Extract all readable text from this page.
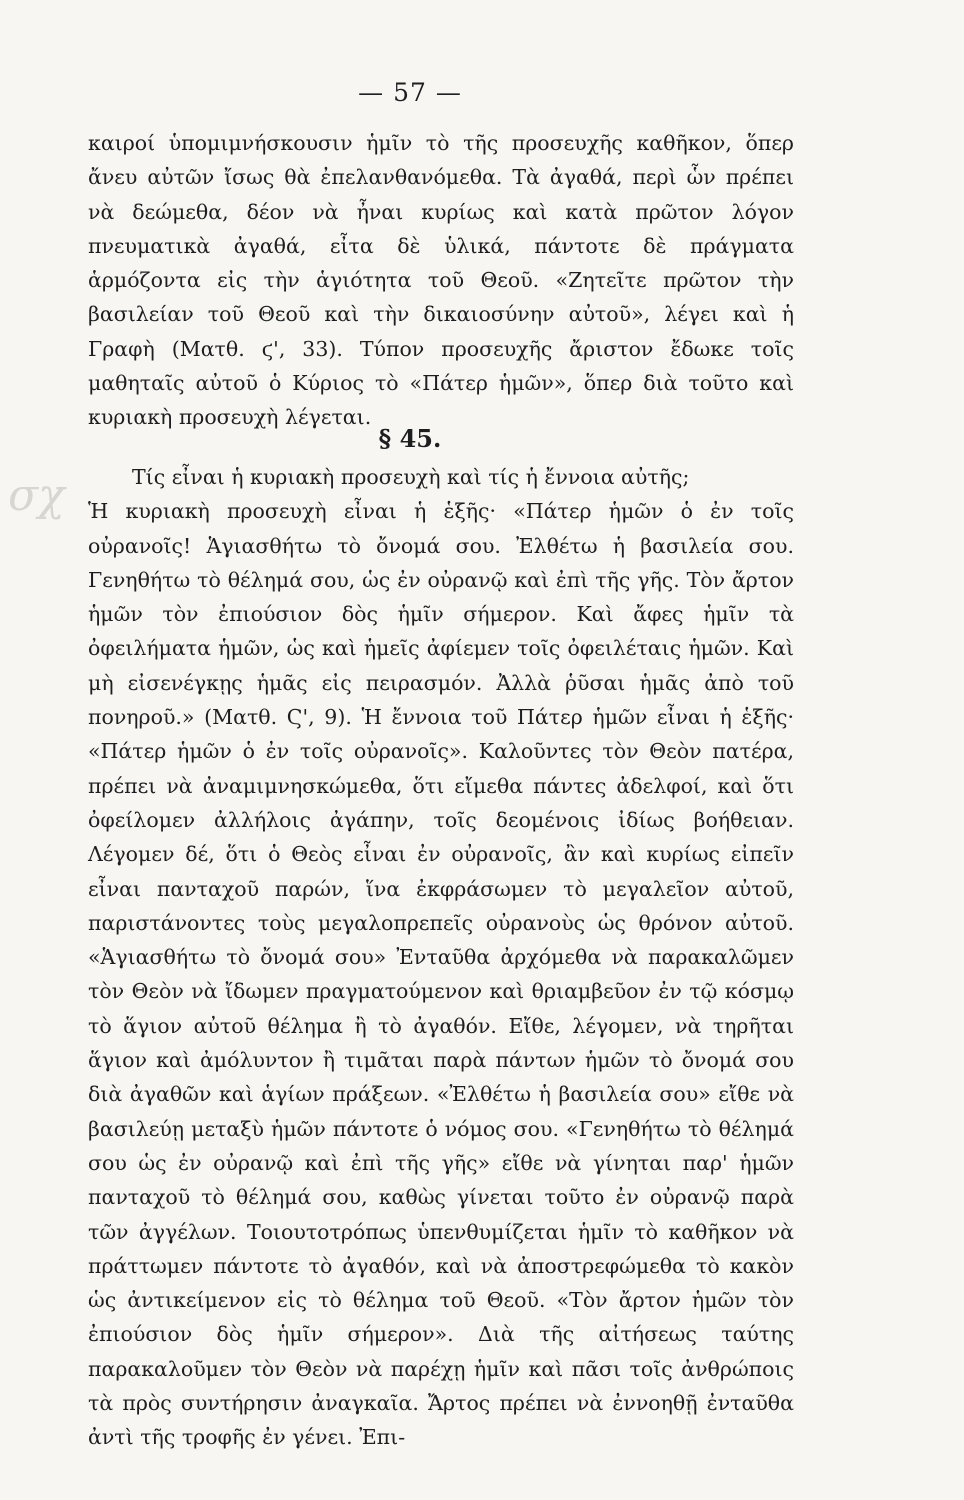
σχ
— 57 —

καιροί ὑπομιμνήσκουσιν ἡμῖν τὸ τῆς προσευχῆς καθῆκον, ὅπερ ἄνευ αὐτῶν ἴσως θὰ ἐπελανθανόμεθα. Τὰ ἀγαθά, περὶ ὧν πρέπει νὰ δεώμεθα, δέον νὰ ἦναι κυρίως καὶ κατὰ πρῶτον λόγον πνευματικὰ ἀγαθά, εἶτα δὲ ὑλικά, πάντοτε δὲ πράγματα ἁρμόζοντα εἰς τὴν ἁγιότητα τοῦ Θεοῦ. «Ζητεῖτε πρῶτον τὴν βασιλείαν τοῦ Θεοῦ καὶ τὴν δικαιοσύνην αὐτοῦ», λέγει καὶ ἡ Γραφὴ (Ματθ. ϛ', 33). Τύπον προσευχῆς ἄριστον ἔδωκε τοῖς μαθηταῖς αὐτοῦ ὁ Κύριος τὸ «Πάτερ ἡμῶν», ὅπερ διὰ τοῦτο καὶ κυριακὴ προσευχὴ λέγεται.

§ 45.

Τίς εἶναι ἡ κυριακὴ προσευχὴ καὶ τίς ἡ ἔννοια αὐτῆς;

Ἡ κυριακὴ προσευχὴ εἶναι ἡ ἑξῆς· «Πάτερ ἡμῶν ὁ ἐν τοῖς οὐρανοῖς! Ἁγιασθήτω τὸ ὄνομά σου. Ἐλθέτω ἡ βασιλεία σου. Γενηθήτω τὸ θέλημά σου, ὡς ἐν οὐρανῷ καὶ ἐπὶ τῆς γῆς. Τὸν ἄρτον ἡμῶν τὸν ἐπιούσιον δὸς ἡμῖν σήμερον. Καὶ ἄφες ἡμῖν τὰ ὀφειλήματα ἡμῶν, ὡς καὶ ἡμεῖς ἀφίεμεν τοῖς ὀφειλέταις ἡμῶν. Καὶ μὴ εἰσενέγκῃς ἡμᾶς εἰς πειρασμόν. Ἀλλὰ ῥῦσαι ἡμᾶς ἀπὸ τοῦ πονηροῦ.» (Ματθ. Ϛ', 9). Ἡ ἔννοια τοῦ Πάτερ ἡμῶν εἶναι ἡ ἑξῆς· «Πάτερ ἡμῶν ὁ ἐν τοῖς οὐρανοῖς». Καλοῦντες τὸν Θεὸν πατέρα, πρέπει νὰ ἀναμιμνησκώμεθα, ὅτι εἴμεθα πάντες ἀδελφοί, καὶ ὅτι ὀφείλομεν ἀλλήλοις ἀγάπην, τοῖς δεομένοις ἰδίως βοήθειαν. Λέγομεν δέ, ὅτι ὁ Θεὸς εἶναι ἐν οὐρανοῖς, ἂν καὶ κυρίως εἰπεῖν εἶναι πανταχοῦ παρών, ἵνα ἐκφράσωμεν τὸ μεγαλεῖον αὐτοῦ, παριστάνοντες τοὺς μεγαλοπρεπεῖς οὐρανοὺς ὡς θρόνον αὐτοῦ. «Ἁγιασθήτω τὸ ὄνομά σου» Ἐνταῦθα ἀρχόμεθα νὰ παρακαλῶμεν τὸν Θεὸν νὰ ἴδωμεν πραγματούμενον καὶ θριαμβεῦον ἐν τῷ κόσμῳ τὸ ἅγιον αὐτοῦ θέλημα ἢ τὸ ἀγαθόν. Εἴθε, λέγομεν, νὰ τηρῆται ἅγιον καὶ ἀμόλυντον ἢ τιμᾶται παρὰ πάντων ἡμῶν τὸ ὄνομά σου διὰ ἀγαθῶν καὶ ἁγίων πράξεων. «Ἐλθέτω ἡ βασιλεία σου» εἴθε νὰ βασιλεύῃ μεταξὺ ἡμῶν πάντοτε ὁ νόμος σου. «Γενηθήτω τὸ θέλημά σου ὡς ἐν οὐρανῷ καὶ ἐπὶ τῆς γῆς» εἴθε νὰ γίνηται παρ' ἡμῶν πανταχοῦ τὸ θέλημά σου, καθὼς γίνεται τοῦτο ἐν οὐρανῷ παρὰ τῶν ἀγγέλων. Τοιουτοτρόπως ὑπενθυμίζεται ἡμῖν τὸ καθῆκον νὰ πράττωμεν πάντοτε τὸ ἀγαθόν, καὶ νὰ ἀποστρεφώμεθα τὸ κακὸν ὡς ἀντικείμενον εἰς τὸ θέλημα τοῦ Θεοῦ. «Τὸν ἄρτον ἡμῶν τὸν ἐπιούσιον δὸς ἡμῖν σήμερον». Διὰ τῆς αἰτήσεως ταύτης παρακαλοῦμεν τὸν Θεὸν νὰ παρέχῃ ἡμῖν καὶ πᾶσι τοῖς ἀνθρώποις τὰ πρὸς συντήρησιν ἀναγκαῖα. Ἄρτος πρέπει νὰ ἐννοηθῇ ἐνταῦθα ἀντὶ τῆς τροφῆς ἐν γένει. Ἐπι-
